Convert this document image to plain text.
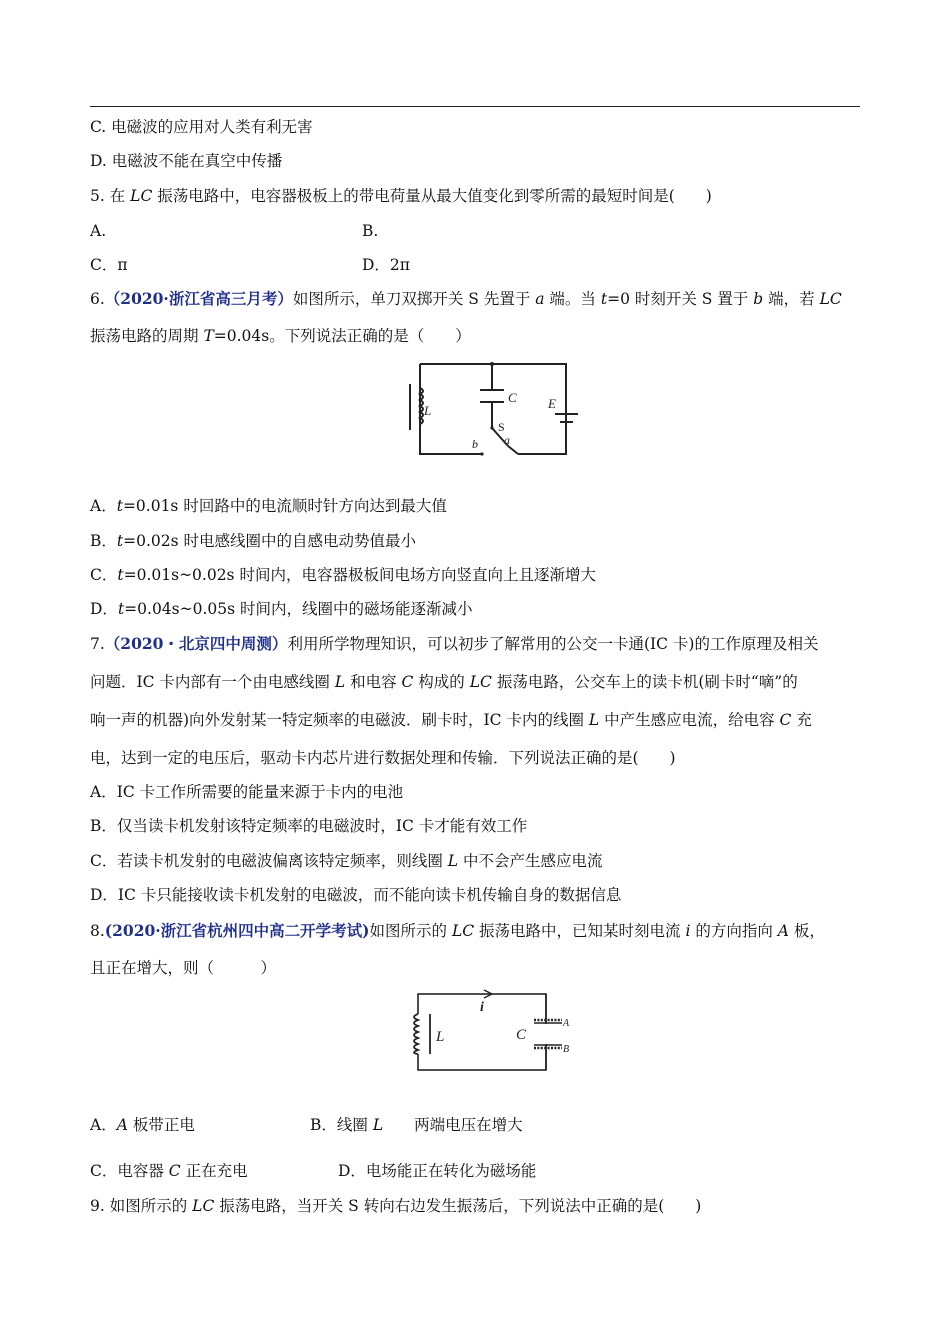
C. 电磁波的应用对人类有利无害
D. 电磁波不能在真空中传播
5. 在 LC 振荡电路中，电容器极板上的带电荷量从最大值变化到零所需的最短时间是(　　)
A.	B.
C．π	D．2π
6.（2020·浙江省高三月考）如图所示，单刀双掷开关 S 先置于 a 端。当 t=0 时刻开关 S 置于 b 端，若 LC
振荡电路的周期 T=0.04s。下列说法正确的是（　　）
L
C E
S
a
b
A．t=0.01s 时回路中的电流顺时针方向达到最大值
B．t=0.02s 时电感线圈中的自感电动势值最小
C．t=0.01s~0.02s 时间内，电容器极板间电场方向竖直向上且逐渐增大
D．t=0.04s~0.05s 时间内，线圈中的磁场能逐渐减小
7.（2020・北京四中周测）利用所学物理知识，可以初步了解常用的公交一卡通(IC 卡)的工作原理及相关
问题．IC 卡内部有一个由电感线圈 L 和电容 C 构成的 LC 振荡电路，公交车上的读卡机(刷卡时“嘀”的
响一声的机器)向外发射某一特定频率的电磁波．刷卡时，IC 卡内的线圈 L 中产生感应电流，给电容 C 充
电，达到一定的电压后，驱动卡内芯片进行数据处理和传输．下列说法正确的是(　　)
A．IC 卡工作所需要的能量来源于卡内的电池
B．仅当读卡机发射该特定频率的电磁波时，IC 卡才能有效工作
C．若读卡机发射的电磁波偏离该特定频率，则线圈 L 中不会产生感应电流
D．IC 卡只能接收读卡机发射的电磁波，而不能向读卡机传输自身的数据信息
8.(2020·浙江省杭州四中高二开学考试)如图所示的 LC 振荡电路中，已知某时刻电流 i 的方向指向 A 板，
且正在增大，则（　　　）
L
i
C
A
B
A．A 板带正电	B．线圈 L　　两端电压在增大
C．电容器 C 正在充电	D．电场能正在转化为磁场能
9. 如图所示的 LC 振荡电路，当开关 S 转向右边发生振荡后，下列说法中正确的是(　　)
